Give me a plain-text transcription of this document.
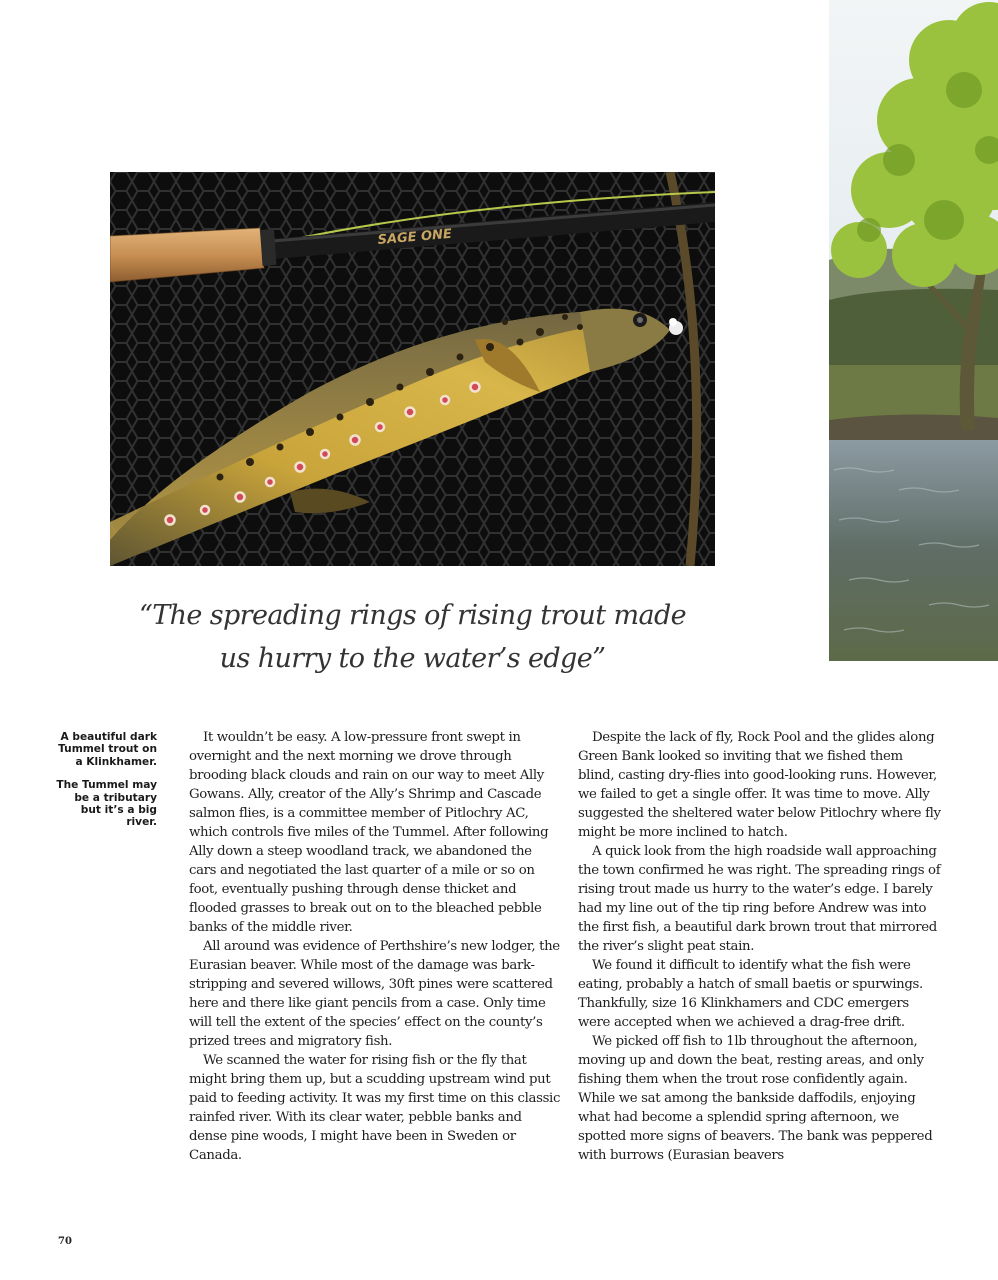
SAGE ONE
“The spreading rings of rising trout made
us hurry to the water’s edge”

A beautiful dark Tummel trout on a Klinkhamer.

The Tummel may be a tributary but it’s a big river.

It wouldn’t be easy. A low-pressure front swept in overnight and the next morning we drove through brooding black clouds and rain on our way to meet Ally Gowans. Ally, creator of the Ally’s Shrimp and Cascade salmon flies, is a committee member of Pitlochry AC, which controls five miles of the Tummel. After following Ally down a steep woodland track, we abandoned the cars and negotiated the last quarter of a mile or so on foot, eventually pushing through dense thicket and flooded grasses to break out on to the bleached pebble banks of the middle river.

All around was evidence of Perthshire’s new lodger, the Eurasian beaver. While most of the damage was bark-stripping and severed willows, 30ft pines were scattered here and there like giant pencils from a case. Only time will tell the extent of the species’ effect on the county’s prized trees and migratory fish.

We scanned the water for rising fish or the fly that might bring them up, but a scudding upstream wind put paid to feeding activity. It was my first time on this classic rainfed river. With its clear water, pebble banks and dense pine woods, I might have been in Sweden or Canada.

Despite the lack of fly, Rock Pool and the glides along Green Bank looked so inviting that we fished them blind, casting dry-flies into good-looking runs. However, we failed to get a single offer. It was time to move. Ally suggested the sheltered water below Pitlochry where fly might be more inclined to hatch.

A quick look from the high roadside wall approaching the town confirmed he was right. The spreading rings of rising trout made us hurry to the water’s edge. I barely had my line out of the tip ring before Andrew was into the first fish, a beautiful dark brown trout that mirrored the river’s slight peat stain.

We found it difficult to identify what the fish were eating, probably a hatch of small baetis or spurwings. Thankfully, size 16 Klinkhamers and CDC emergers were accepted when we achieved a drag-free drift.

We picked off fish to 1lb throughout the afternoon, moving up and down the beat, resting areas, and only fishing them when the trout rose confidently again. While we sat among the bankside daffodils, enjoying what had become a splendid spring afternoon, we spotted more signs of beavers. The bank was peppered with burrows (Eurasian beavers

70
